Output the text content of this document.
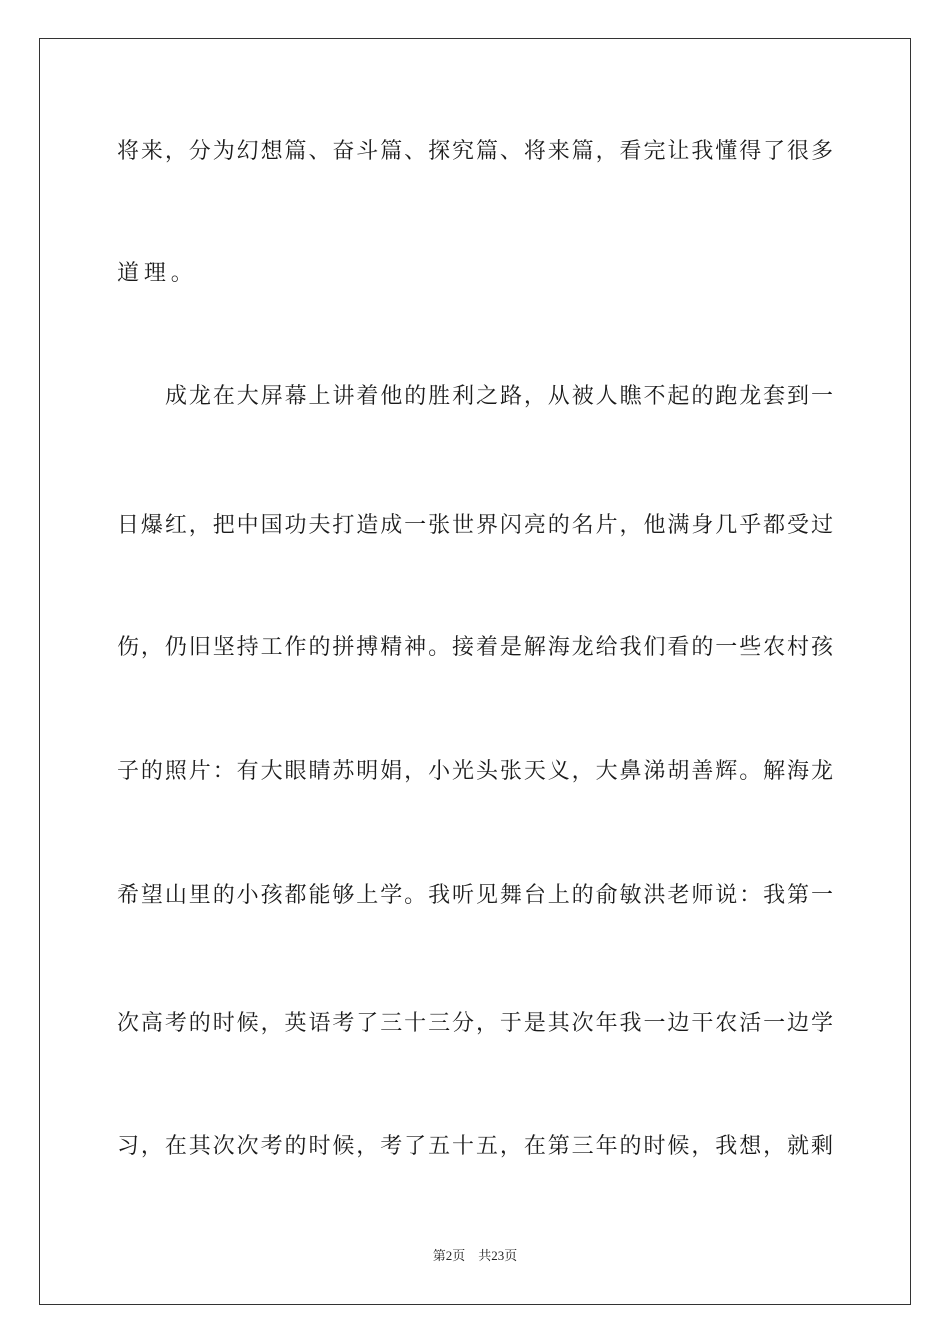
将来，分为幻想篇、奋斗篇、探究篇、将来篇，看完让我懂得了很多
道理。
成龙在大屏幕上讲着他的胜利之路，从被人瞧不起的跑龙套到一
日爆红，把中国功夫打造成一张世界闪亮的名片，他满身几乎都受过
伤，仍旧坚持工作的拼搏精神。接着是解海龙给我们看的一些农村孩
子的照片：有大眼睛苏明娟，小光头张天义，大鼻涕胡善辉。解海龙
希望山里的小孩都能够上学。我听见舞台上的俞敏洪老师说：我第一
次高考的时候，英语考了三十三分，于是其次年我一边干农活一边学
习，在其次次考的时候，考了五十五，在第三年的时候，我想，就剩
第2页 共23页
